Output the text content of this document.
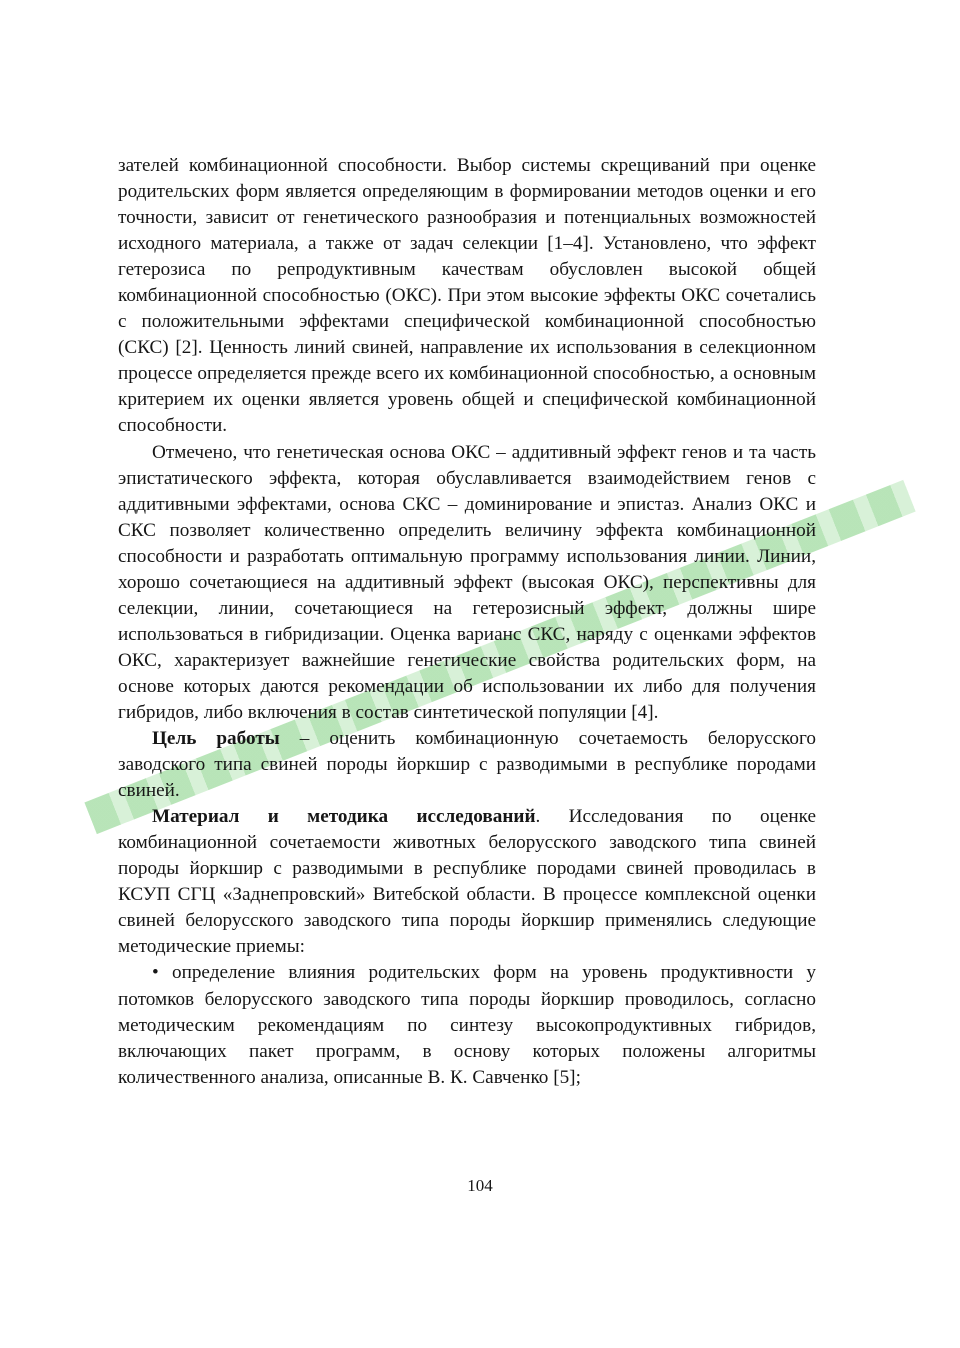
зателей комбинационной способности. Выбор системы скрещиваний при оценке родительских форм является определяющим в формировании методов оценки и его точности, зависит от генетического разнообразия и потенциальных возможностей исходного материала, а также от задач селекции [1–4]. Установлено, что эффект гетерозиса по репродуктивным качествам обусловлен высокой общей комбинационной способностью (ОКС). При этом высокие эффекты ОКС сочетались с положительными эффектами специфической комбинационной способностью (СКС) [2]. Ценность линий свиней, направление их использования в селекционном процессе определяется прежде всего их комбинационной способностью, а основным критерием их оценки является уровень общей и специфической комбинационной способности.

Отмечено, что генетическая основа ОКС – аддитивный эффект генов и та часть эпистатического эффекта, которая обуславливается взаимодействием генов с аддитивными эффектами, основа СКС – доминирование и эпистаз. Анализ ОКС и СКС позволяет количественно определить величину эффекта комбинационной способности и разработать оптимальную программу использования линии. Линии, хорошо сочетающиеся на аддитивный эффект (высокая ОКС), перспективны для селекции, линии, сочетающиеся на гетерозисный эффект, должны шире использоваться в гибридизации. Оценка варианс СКС, наряду с оценками эффектов ОКС, характеризует важнейшие генетические свойства родительских форм, на основе которых даются рекомендации об использовании их либо для получения гибридов, либо включения в состав синтетической популяции [4].

Цель работы – оценить комбинационную сочетаемость белорусского заводского типа свиней породы йоркшир с разводимыми в республике породами свиней.

Материал и методика исследований. Исследования по оценке комбинационной сочетаемости животных белорусского заводского типа свиней породы йоркшир с разводимыми в республике породами свиней проводилась в КСУП СГЦ «Заднепровский» Витебской области. В процессе комплексной оценки свиней белорусского заводского типа породы йоркшир применялись следующие методические приемы:

• определение влияния родительских форм на уровень продуктивности у потомков белорусского заводского типа породы йоркшир проводилось, согласно методическим рекомендациям по синтезу высокопродуктивных гибридов, включающих пакет программ, в основу которых положены алгоритмы количественного анализа, описанные В. К. Савченко [5];

104
